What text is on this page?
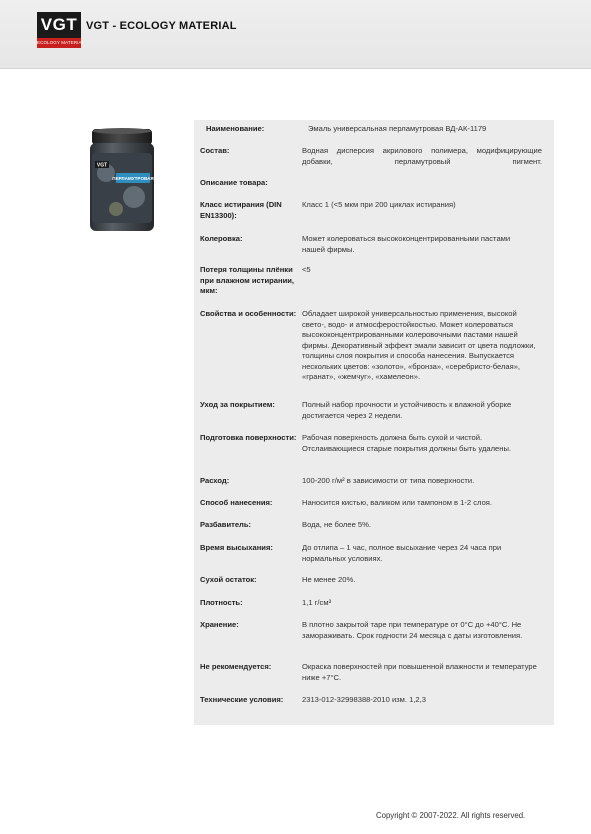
VGT
ECOLOGY MATERIAL
VGT - ECOLOGY MATERIAL
ПЕРЛАМУТРОВАЯ
VGT
Наименование:	Эмаль универсальная перламутровая ВД-АК-1179
Состав:	Водная дисперсия акрилового полимера, модифицирующие добавки, перламутровый пигмент.
Описание товара:
Класс истирания (DIN EN13300):
Класс 1 (<5 мкм при 200 циклах истирания)
Колеровка:	Может колероваться высококонцентрированными пастами нашей фирмы.
Потеря толщины плёнки при влажном истирании, мкм:
<5
Свойства и особенности: Обладает широкой универсальностью применения, высокой свето-, водо- и атмосферостойкостью. Может колероваться высококонцентрированными колеровочными пастами нашей фирмы. Декоративный эффект эмали зависит от цвета подложки, толщины слоя покрытия и способа нанесения. Выпускается нескольких цветов: «золото», «бронза», «серебристо-белая», «гранат», «жемчуг», «хамелеон».
Уход за покрытием:	Полный набор прочности и устойчивость к влажной уборке достигается через 2 недели.
Подготовка поверхности: Рабочая поверхность должна быть сухой и чистой. Отслаивающиеся старые покрытия должны быть удалены.
Расход:	100-200 г/м² в зависимости от типа поверхности.
Способ нанесения:	Наносится кистью, валиком или тампоном в 1-2 слоя.
Разбавитель:	Вода, не более 5%.
Время высыхания:	До отлипа – 1 час, полное высыхание через 24 часа при нормальных условиях.
Сухой остаток:	Не менее 20%.
Плотность:	1,1 г/см³
Хранение:	В плотно закрытой таре при температуре от 0°С до +40°С. Не замораживать. Срок годности 24 месяца с даты изготовления.
Не рекомендуется:	Окраска поверхностей при повышенной влажности и температуре ниже +7°С.
Технические условия:	2313-012-32998388-2010 изм. 1,2,3
Copyright © 2007-2022. All rights reserved.
